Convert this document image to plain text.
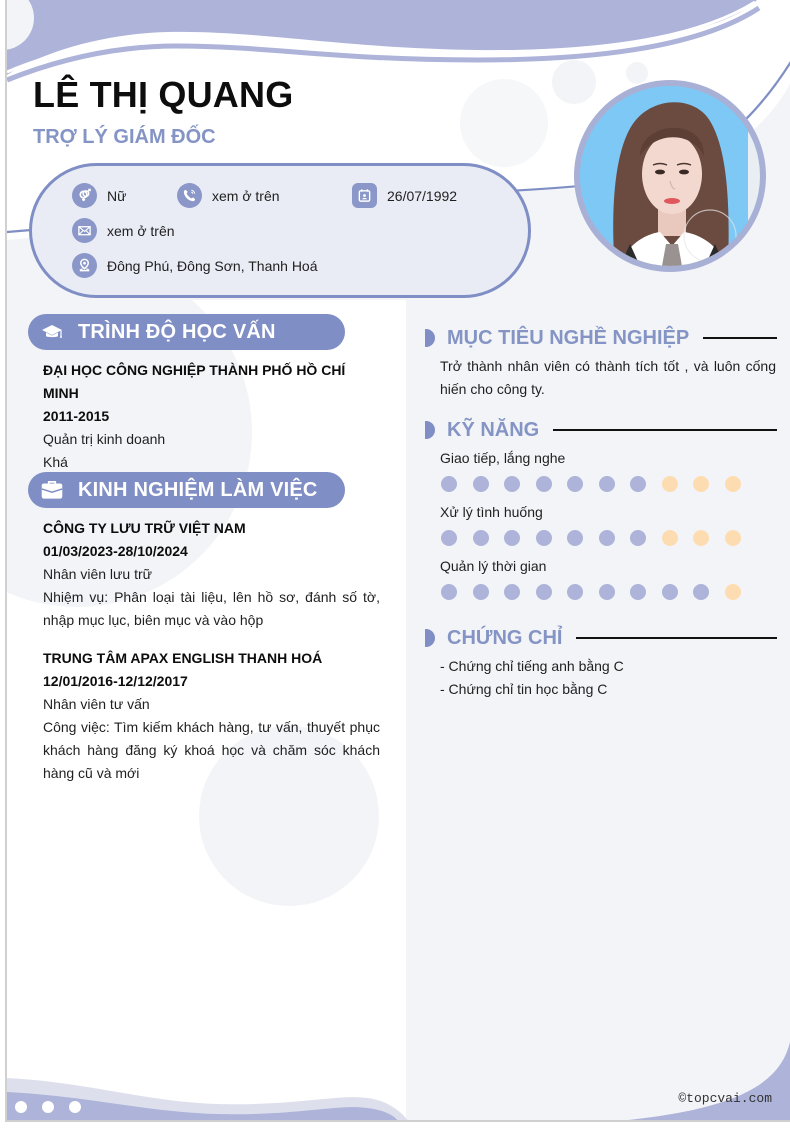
LÊ THỊ QUANG
TRỢ LÝ GIÁM ĐỐC
Nữ	xem ở trên	26/07/1992
xem ở trên
Đông Phú, Đông Sơn, Thanh Hoá
TRÌNH ĐỘ HỌC VẤN
ĐẠI HỌC CÔNG NGHIỆP THÀNH PHỐ HỒ CHÍ MINH
2011-2015
Quản trị kinh doanh
Khá
KINH NGHIỆM LÀM VIỆC
CÔNG TY LƯU TRỮ VIỆT NAM
01/03/2023-28/10/2024
Nhân viên lưu trữ
Nhiệm vụ: Phân loại tài liệu, lên hồ sơ, đánh số tờ, nhập mục lục, biên mục và vào hộp
TRUNG TÂM APAX ENGLISH THANH HOÁ
12/01/2016-12/12/2017
Nhân viên tư vấn
Công việc: Tìm kiếm khách hàng, tư vấn, thuyết phục khách hàng đăng ký khoá học và chăm sóc khách hàng cũ và mới
MỤC TIÊU NGHỀ NGHIỆP
Trở thành nhân viên có thành tích tốt , và luôn cống hiến cho công ty.
KỸ NĂNG
Giao tiếp, lắng nghe
Xử lý tình huống
Quản lý thời gian
CHỨNG CHỈ
- Chứng chỉ tiếng anh bằng C
- Chứng chỉ tin học bằng C
©topcvai.com
